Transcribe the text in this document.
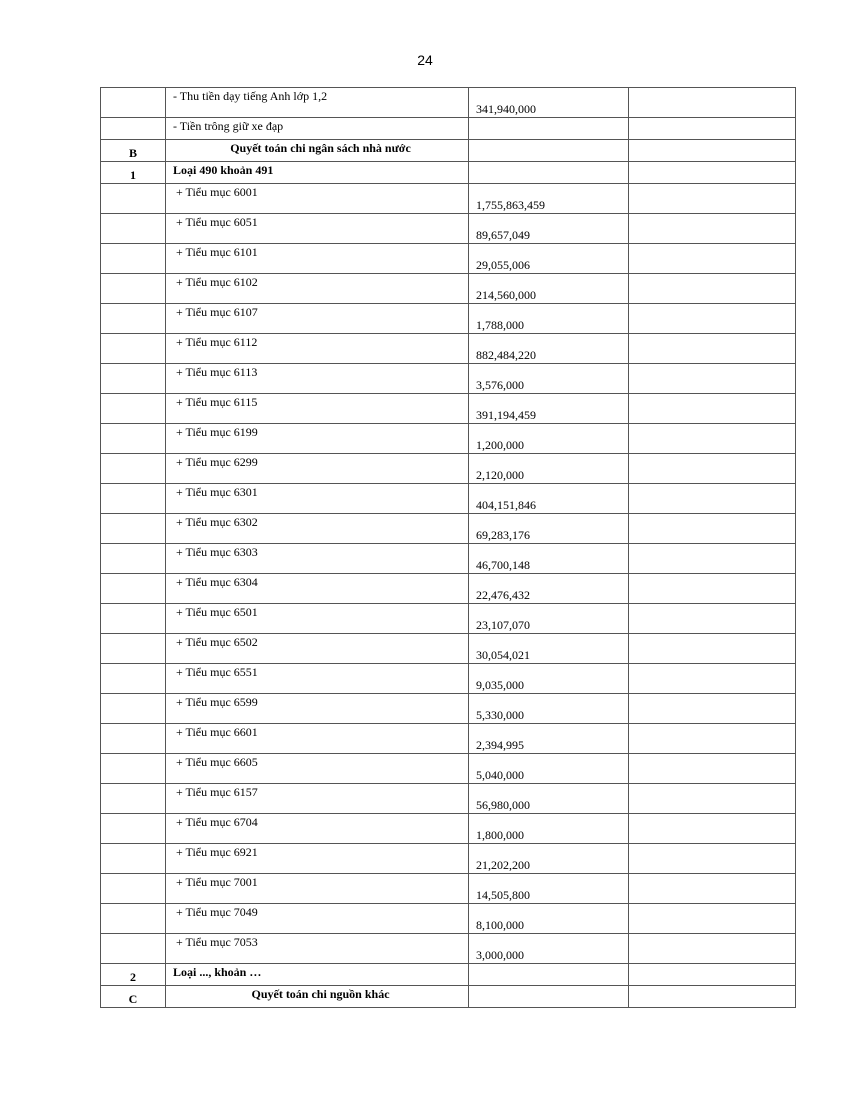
24
	- Thu tiền dạy tiếng Anh lớp 1,2	341,940,000	
	- Tiền trông giữ xe đạp		
B	Quyết toán chi ngân sách nhà nước		
1	Loại 490 khoản 491		
	+ Tiểu mục 6001	1,755,863,459	
	+ Tiểu mục 6051	89,657,049	
	+ Tiểu mục 6101	29,055,006	
	+ Tiểu mục 6102	214,560,000	
	+ Tiểu mục 6107	1,788,000	
	+ Tiểu mục 6112	882,484,220	
	+ Tiểu mục 6113	3,576,000	
	+ Tiểu mục 6115	391,194,459	
	+ Tiểu mục 6199	1,200,000	
	+ Tiểu mục 6299	2,120,000	
	+ Tiểu mục 6301	404,151,846	
	+ Tiểu mục 6302	69,283,176	
	+ Tiểu mục 6303	46,700,148	
	+ Tiểu mục 6304	22,476,432	
	+ Tiểu mục 6501	23,107,070	
	+ Tiểu mục 6502	30,054,021	
	+ Tiểu mục 6551	9,035,000	
	+ Tiểu mục 6599	5,330,000	
	+ Tiểu mục 6601	2,394,995	
	+ Tiểu mục 6605	5,040,000	
	+ Tiểu mục 6157	56,980,000	
	+ Tiểu mục 6704	1,800,000	
	+ Tiểu mục 6921	21,202,200	
	+ Tiểu mục 7001	14,505,800	
	+ Tiểu mục 7049	8,100,000	
	+ Tiểu mục 7053	3,000,000	
2	Loại ..., khoản …		
C	Quyết toán chi nguồn khác		
